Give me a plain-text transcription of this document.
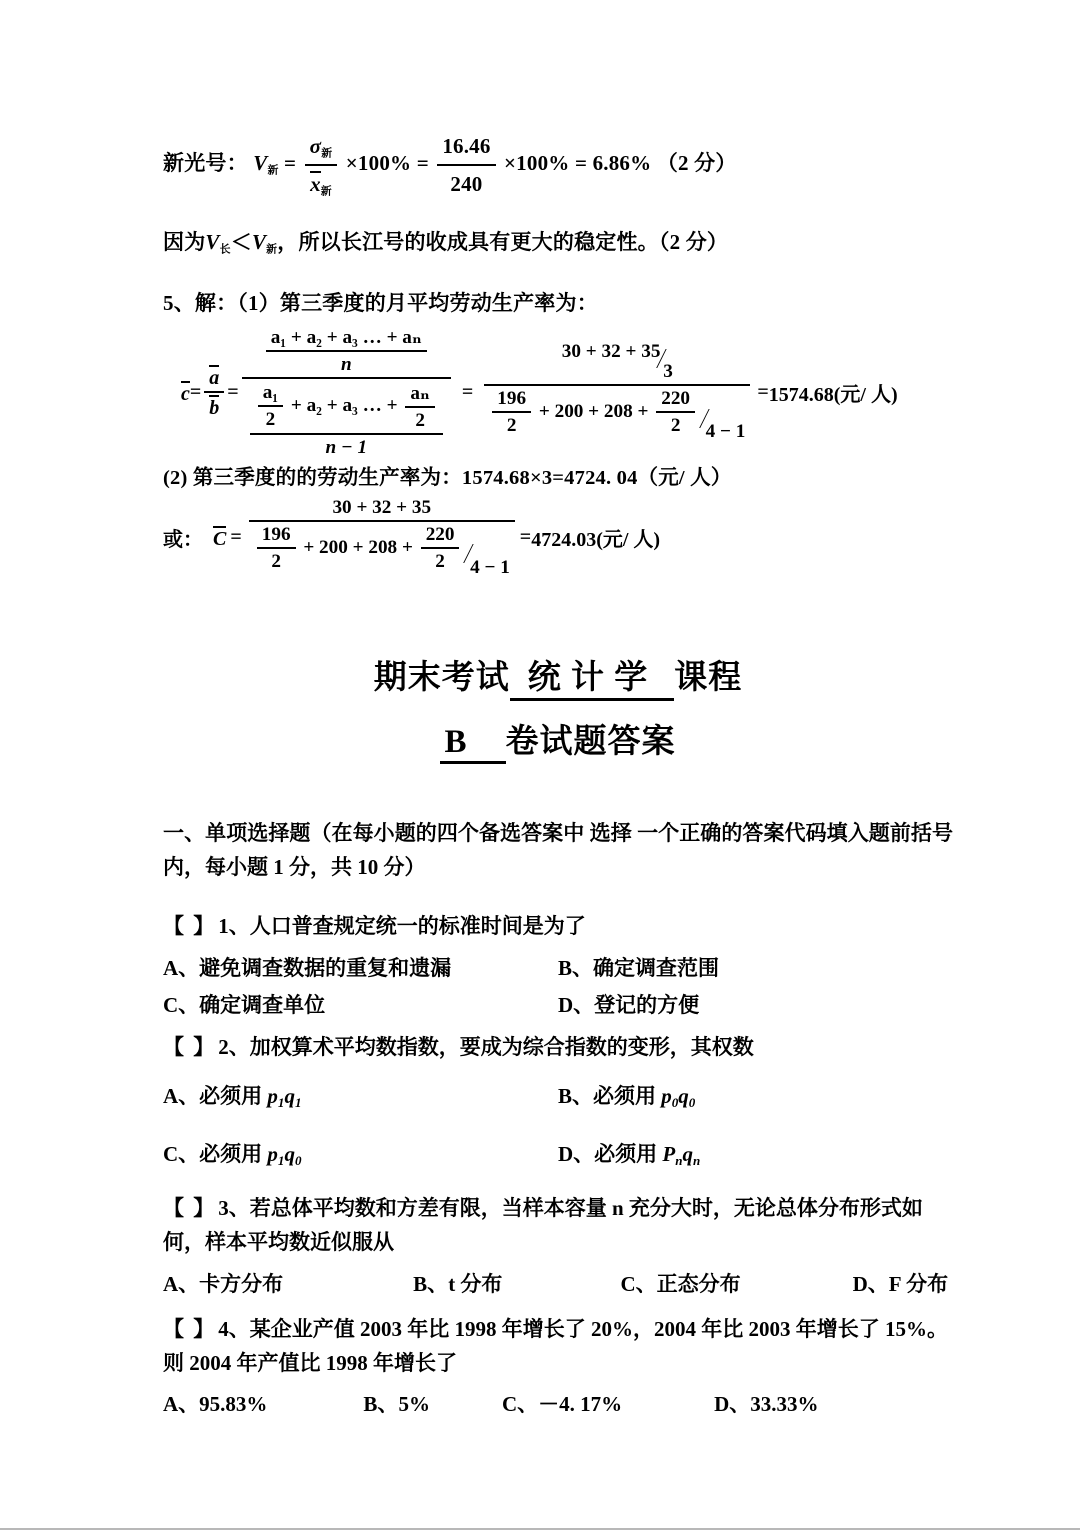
新光号： V新 = $\frac{\text{σ新}}{\text{x新}} \times 100\% = \frac{16.46}{240} \times 100\% = 6.86\%$ （2 分）
因为V长＜V新，所以长江号的收成具有更大的稳定性。（2 分）
5、解：（1）第三季度的月平均劳动生产率为：
$c = \frac{a}{b}$ =
$\frac{\text{a₁ + a₂ + a₃ … + aₙ}}{n}$
$\frac{\text{a₁}}{2} + a_2 + a_3$ … + $\frac{\text{aₙ}}{2}$
n − 1
=
30 + 32 + 35⁄3
$\frac{196}{2} + 200 + 208 + \frac{220}{2}$ ⁄4 − 1
= 1574.68(元/ 人)
(2) 第三季度的的劳动生产率为：1574.68×3=4724. 04（元/ 人）
或： C =
30 + 32 + 35
$\frac{196}{2} + 200 + 208 + \frac{220}{2}$ ⁄4 − 1
= 4724.03(元/ 人)
期末考试 统 计 学 课程
B 卷试题答案
一、单项选择题（在每小题的四个备选答案中 选择 一个正确的答案代码填入题前括号内，每小题 1 分，共 10 分）
【 】1、人口普查规定统一的标准时间是为了
A、避免调查数据的重复和遗漏	B、确定调查范围
C、确定调查单位	D、登记的方便
【 】2、加权算术平均数指数，要成为综合指数的变形，其权数
A、必须用 $p_1q_1$	B、必须用 $p_0q_0$
C、必须用 $p_1q_0$	D、必须用 $P_nq_n$
【 】3、若总体平均数和方差有限，当样本容量 n 充分大时，无论总体分布形式如何，样本平均数近似服从
A、卡方分布	B、t 分布	C、正态分布	D、F 分布
【 】4、某企业产值 2003 年比 1998 年增长了 20%，2004 年比 2003 年增长了 15%。则 2004 年产值比 1998 年增长了
A、95.83%	B、5%	C、－4. 17%	D、33.33%
